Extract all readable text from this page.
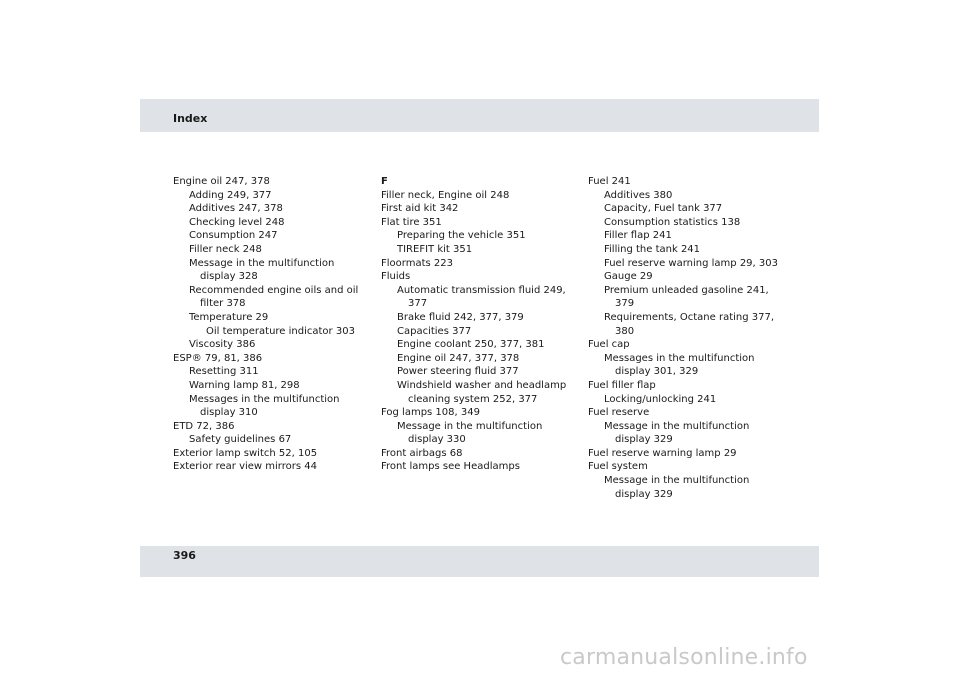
Index
Engine oil 247, 378
Adding 249, 377
Additives 247, 378
Checking level 248
Consumption 247
Filler neck 248
Message in the multifunction
display 328
Recommended engine oils and oil
filter 378
Temperature 29
Oil temperature indicator 303
Viscosity 386
ESP® 79, 81, 386
Resetting 311
Warning lamp 81, 298
Messages in the multifunction
display 310
ETD 72, 386
Safety guidelines 67
Exterior lamp switch 52, 105
Exterior rear view mirrors 44
F
Filler neck, Engine oil 248
First aid kit 342
Flat tire 351
Preparing the vehicle 351
TIREFIT kit 351
Floormats 223
Fluids
Automatic transmission fluid 249,
377
Brake fluid 242, 377, 379
Capacities 377
Engine coolant 250, 377, 381
Engine oil 247, 377, 378
Power steering fluid 377
Windshield washer and headlamp
cleaning system 252, 377
Fog lamps 108, 349
Message in the multifunction
display 330
Front airbags 68
Front lamps see Headlamps
Fuel 241
Additives 380
Capacity, Fuel tank 377
Consumption statistics 138
Filler flap 241
Filling the tank 241
Fuel reserve warning lamp 29, 303
Gauge 29
Premium unleaded gasoline 241,
379
Requirements, Octane rating 377,
380
Fuel cap
Messages in the multifunction
display 301, 329
Fuel filler flap
Locking/unlocking 241
Fuel reserve
Message in the multifunction
display 329
Fuel reserve warning lamp 29
Fuel system
Message in the multifunction
display 329
396
carmanualsonline.info
